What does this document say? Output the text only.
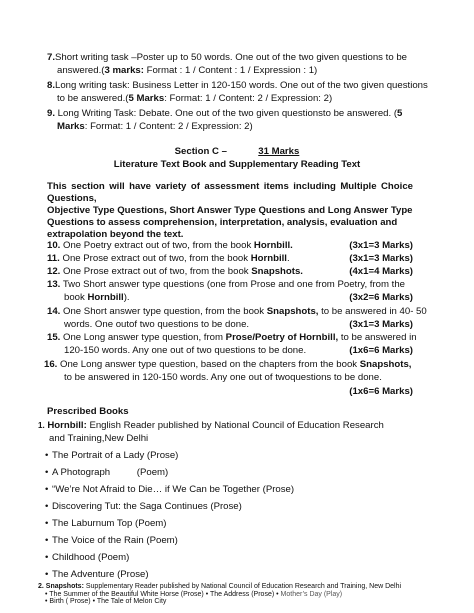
7.Short writing task –Poster up to 50 words. One out of the two given questions to be
answered.(3 marks: Format : 1 / Content : 1 / Expression : 1)
8.Long writing task: Business Letter in 120-150 words. One out of the two given questions
to be answered.(5 Marks: Format: 1 / Content: 2 / Expression: 2)
9. Long Writing Task: Debate. One out of the two given questionsto be answered. (5
Marks: Format: 1 / Content: 2 / Expression: 2)
Section C –	31 Marks
Literature Text Book and Supplementary Reading Text
This section will have variety of assessment items including Multiple Choice Questions,
Objective Type Questions, Short Answer Type Questions and Long Answer Type
Questions to assess comprehension, interpretation, analysis, evaluation and
extrapolation beyond the text.
10. One Poetry extract out of two, from the book Hornbill.	(3x1=3 Marks)
11. One Prose extract out of two, from the book Hornbill.	(3x1=3 Marks)
12. One Prose extract out of two, from the book Snapshots.	(4x1=4 Marks)
13. Two Short answer type questions (one from Prose and one from Poetry, from the
book Hornbill).	(3x2=6 Marks)
14. One Short answer type question, from the book Snapshots, to be answered in 40- 50
words. One outof two questions to be done.	(3x1=3 Marks)
15. One Long answer type question, from Prose/Poetry of Hornbill, to be answered in
120-150 words. Any one out of two questions to be done.	(1x6=6 Marks)
16. One Long answer type question, based on the chapters from the book Snapshots,
to be answered in 120-150 words. Any one out of twoquestions to be done.
(1x6=6 Marks)
Prescribed Books
1. Hornbill: English Reader published by National Council of Education Research
and Training,New Delhi
• The Portrait of a Lady (Prose)
• A Photograph          (Poem)
• “We’re Not Afraid to Die… if We Can be Together (Prose)
• Discovering Tut: the Saga Continues (Prose)
• The Laburnum Top (Poem)
• The Voice of the Rain (Poem)
• Childhood (Poem)
• The Adventure (Prose)
2. Snapshots: Supplementary Reader published by National Council of Education Research and Training, New Delhi
• The Summer of the Beautiful White Horse (Prose) • The Address (Prose) • Mother’s Day (Play)
• Birth ( Prose) • The Tale of Melon City
